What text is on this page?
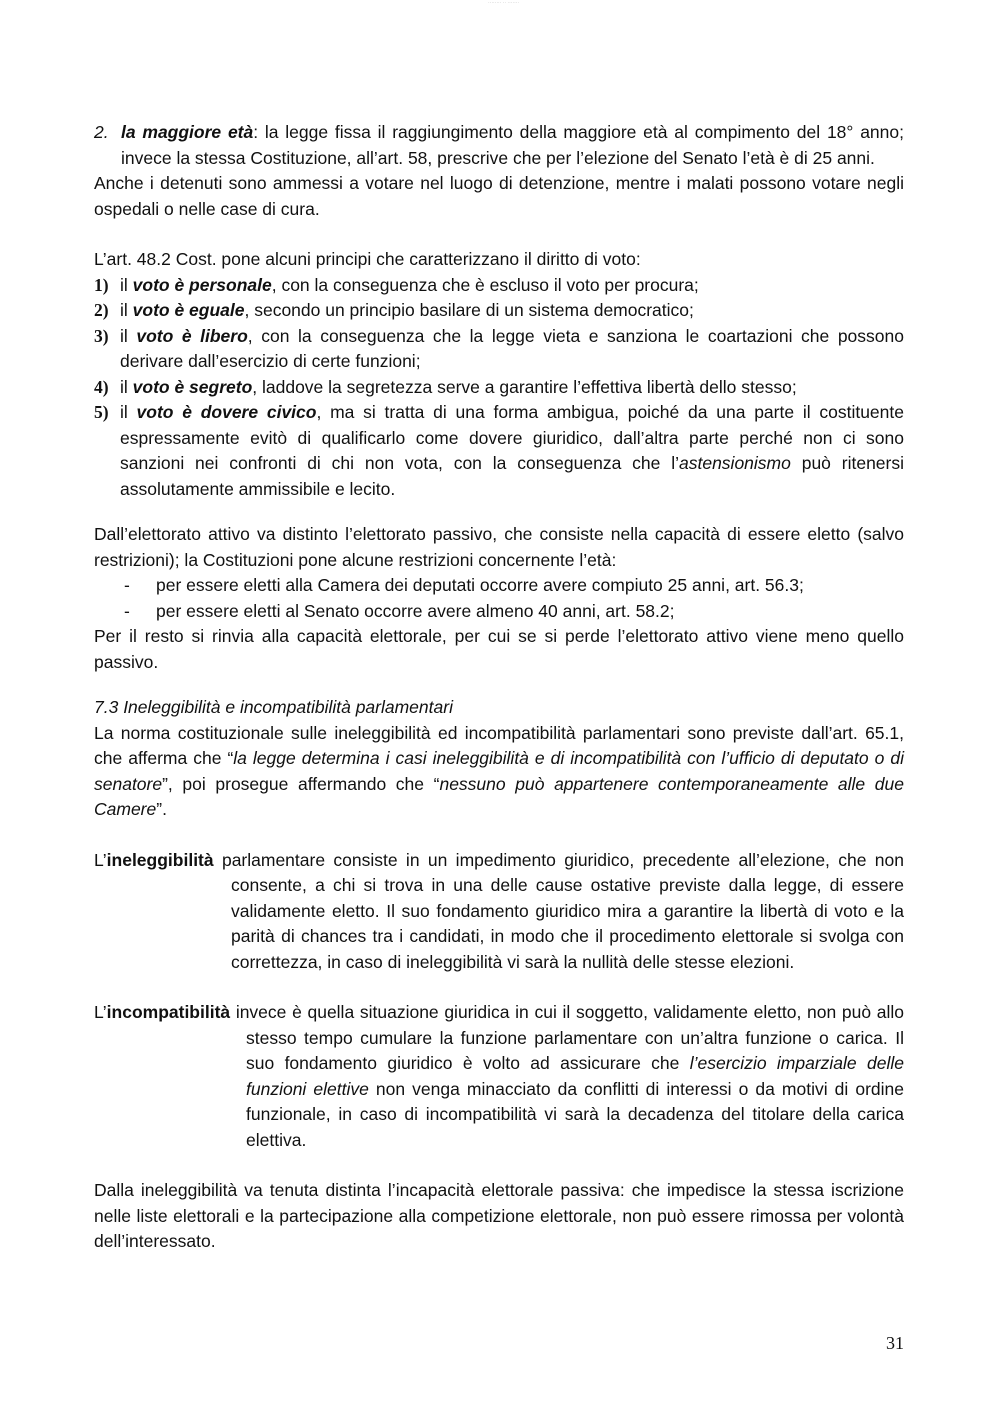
········ ·· ·······
2. la maggiore età: la legge fissa il raggiungimento della maggiore età al compimento del 18° anno; invece la stessa Costituzione, all’art. 58, prescrive che per l’elezione del Senato l’età è di 25 anni.

Anche i detenuti sono ammessi a votare nel luogo di detenzione, mentre i malati possono votare negli ospedali o nelle case di cura.

L’art. 48.2 Cost. pone alcuni principi che caratterizzano il diritto di voto:

1) il voto è personale, con la conseguenza che è escluso il voto per procura;
2) il voto è eguale, secondo un principio basilare di un sistema democratico;
3) il voto è libero, con la conseguenza che la legge vieta e sanziona le coartazioni che possono derivare dall’esercizio di certe funzioni;
4) il voto è segreto, laddove la segretezza serve a garantire l’effettiva libertà dello stesso;
5) il voto è dovere civico, ma si tratta di una forma ambigua, poiché da una parte il costituente espressamente evitò di qualificarlo come dovere giuridico, dall’altra parte perché non ci sono sanzioni nei confronti di chi non vota, con la conseguenza che l’astensionismo può ritenersi assolutamente ammissibile e lecito.

Dall’elettorato attivo va distinto l’elettorato passivo, che consiste nella capacità di essere eletto (salvo restrizioni); la Costituzioni pone alcune restrizioni concernente l’età:

- per essere eletti alla Camera dei deputati occorre avere compiuto 25 anni, art. 56.3;
- per essere eletti al Senato occorre avere almeno 40 anni, art. 58.2;

Per il resto si rinvia alla capacità elettorale, per cui se si perde l’elettorato attivo viene meno quello passivo.

7.3 Ineleggibilità e incompatibilità parlamentari

La norma costituzionale sulle ineleggibilità ed incompatibilità parlamentari sono previste dall’art. 65.1, che afferma che “la legge determina i casi ineleggibilità e di incompatibilità con l’ufficio di deputato o di senatore”, poi prosegue affermando che “nessuno può appartenere contemporaneamente alle due Camere”.

L’ineleggibilità parlamentare consiste in un impedimento giuridico, precedente all’elezione, che non consente, a chi si trova in una delle cause ostative previste dalla legge, di essere validamente eletto. Il suo fondamento giuridico mira a garantire la libertà di voto e la parità di chances tra i candidati, in modo che il procedimento elettorale si svolga con correttezza, in caso di ineleggibilità vi sarà la nullità delle stesse elezioni.

L’incompatibilità invece è quella situazione giuridica in cui il soggetto, validamente eletto, non può allo stesso tempo cumulare la funzione parlamentare con un’altra funzione o carica. Il suo fondamento giuridico è volto ad assicurare che l’esercizio imparziale delle funzioni elettive non venga minacciato da conflitti di interessi o da motivi di ordine funzionale, in caso di incompatibilità vi sarà la decadenza del titolare della carica elettiva.

Dalla ineleggibilità va tenuta distinta l’incapacità elettorale passiva: che impedisce la stessa iscrizione nelle liste elettorali e la partecipazione alla competizione elettorale, non può essere rimossa per volontà dell’interessato.

31
